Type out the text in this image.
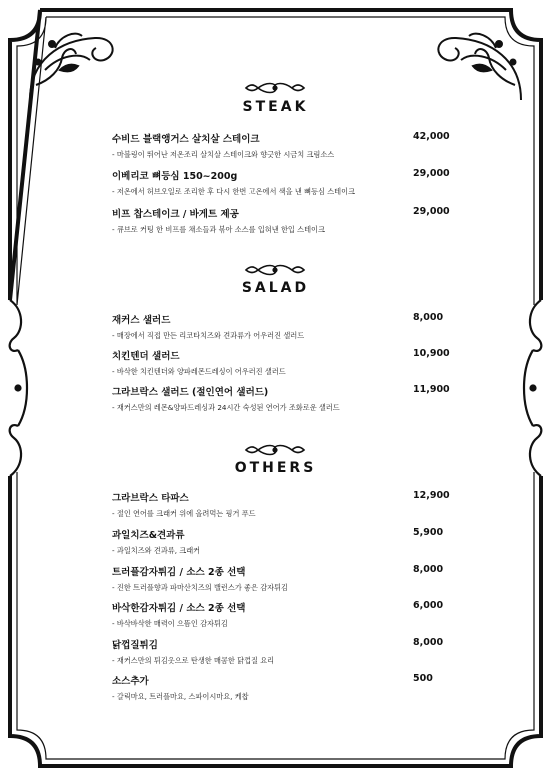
STEAK
수비드 블랙앵거스 살치살 스테이크
- 마블링이 뛰어난 저온조리 살치살 스테이크와 향긋한 시금치 크림소스
42,000
이베리코 뼈등심 150~200g
- 저온에서 허브오일로 조리한 후 다시 한번 고온에서 색을 낸 뼈등심 스테이크
29,000
비프 찹스테이크 / 바게트 제공
- 큐브로 커팅 한 비프를 채소들과 볶아 소스를 입혀낸 한입 스테이크
29,000
SALAD
재커스 샐러드
- 매장에서 직접 만든 리코타치즈와 견과류가 어우러진 샐러드
8,000
치킨텐더 샐러드
- 바삭한 치킨텐더와 양파레몬드레싱이 어우러진 샐러드
10,900
그라브락스 샐러드 (절인연어 샐러드)
- 재커스만의 레몬&양파드레싱과 24시간 숙성된 연어가 조화로운 샐러드
11,900
OTHERS
그라브락스 타파스
- 절인 연어를 크래커 위에 올려먹는 핑거 푸드
12,900
과일치즈&견과류
- 과일치즈와 견과류, 크래커
5,900
트러플감자튀김 / 소스 2종 선택
- 진한 트러플향과 파마산치즈의 밸런스가 좋은 감자튀김
8,000
바삭한감자튀김 / 소스 2종 선택
- 바삭바삭한 매력이 으뜸인 감자튀김
6,000
닭껍질튀김
- 재커스만의 튀김옷으로 탄생한 매콤한 닭껍질 요리
8,000
소스추가
- 갈릭마요, 트러플마요, 스파이시마요, 케찹
500
